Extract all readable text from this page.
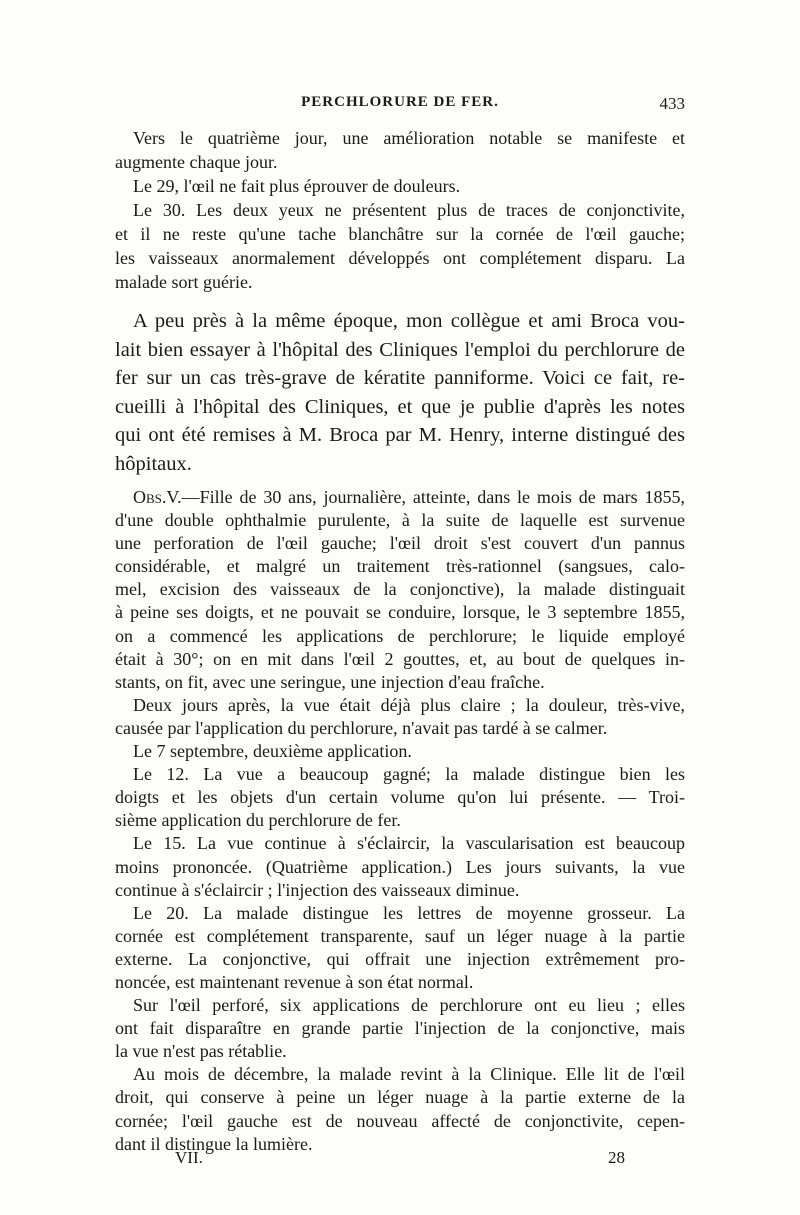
PERCHLORURE DE FER.	433
Vers le quatrième jour, une amélioration notable se manifeste et
augmente chaque jour.
Le 29, l'œil ne fait plus éprouver de douleurs.
Le 30. Les deux yeux ne présentent plus de traces de conjonctivite,
et il ne reste qu'une tache blanchâtre sur la cornée de l'œil gauche;
les vaisseaux anormalement développés ont complétement disparu. La
malade sort guérie.
A peu près à la même époque, mon collègue et ami Broca vou-
lait bien essayer à l'hôpital des Cliniques l'emploi du perchlorure de
fer sur un cas très-grave de kératite panniforme. Voici ce fait, re-
cueilli à l'hôpital des Cliniques, et que je publie d'après les notes
qui ont été remises à M. Broca par M. Henry, interne distingué des
hôpitaux.
Obs.V.—Fille de 30 ans, journalière, atteinte, dans le mois de mars 1855,
d'une double ophthalmie purulente, à la suite de laquelle est survenue
une perforation de l'œil gauche; l'œil droit s'est couvert d'un pannus
considérable, et malgré un traitement très-rationnel (sangsues, calo-
mel, excision des vaisseaux de la conjonctive), la malade distinguait
à peine ses doigts, et ne pouvait se conduire, lorsque, le 3 septembre 1855,
on a commencé les applications de perchlorure; le liquide employé
était à 30°; on en mit dans l'œil 2 gouttes, et, au bout de quelques in-
stants, on fit, avec une seringue, une injection d'eau fraîche.
Deux jours après, la vue était déjà plus claire ; la douleur, très-vive,
causée par l'application du perchlorure, n'avait pas tardé à se calmer.
Le 7 septembre, deuxième application.
Le 12. La vue a beaucoup gagné; la malade distingue bien les
doigts et les objets d'un certain volume qu'on lui présente. — Troi-
sième application du perchlorure de fer.
Le 15. La vue continue à s'éclaircir, la vascularisation est beaucoup
moins prononcée. (Quatrième application.) Les jours suivants, la vue
continue à s'éclaircir ; l'injection des vaisseaux diminue.
Le 20. La malade distingue les lettres de moyenne grosseur. La
cornée est complétement transparente, sauf un léger nuage à la partie
externe. La conjonctive, qui offrait une injection extrêmement pro-
noncée, est maintenant revenue à son état normal.
Sur l'œil perforé, six applications de perchlorure ont eu lieu ; elles
ont fait disparaître en grande partie l'injection de la conjonctive, mais
la vue n'est pas rétablie.
Au mois de décembre, la malade revint à la Clinique. Elle lit de l'œil
droit, qui conserve à peine un léger nuage à la partie externe de la
cornée; l'œil gauche est de nouveau affecté de conjonctivite, cepen-
dant il distingue la lumière.
VII.	28
